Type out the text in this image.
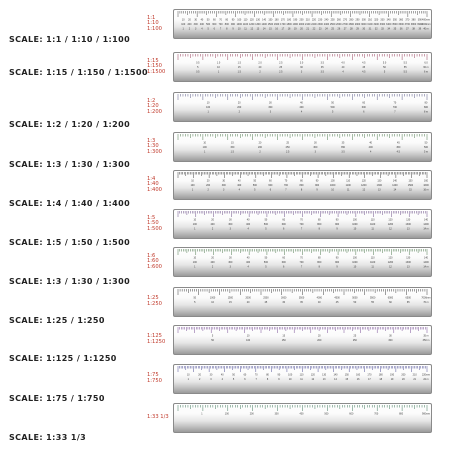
SCALE: 1:1 / 1:10 / 1:100
1:1
1:10
1:100
10 20 30 40 50 60 70 80 90 100 110 120 130 140 150 160 170 180 190 200 210 220 230 240 250 260 270 280 290 300 310 320 330 340 350 360 370 380 390 400mm
100 200 300 400 500 600 700 800 900 1000 1100 1200 1300 1400 1500 1600 1700 1800 1900 2000 2100 2200 2300 2400 2500 2600 2700 2800 2900 3000 3100 3200 3300 3400 3500 3600 3700 3800 3900
4000mm
1 2 3 4 5 6 7 8 9 10 11 12 13 14 15 16 17 18 19 20 21 22 23 24 25 26 27 28 29 30 31 32 33 34 35 36 37 38 39 40 m
SCALE: 1:15 / 1:150 / 1:1500
1:15
1:150
1:1500
0.5	1.0	1.5	2.0	2.5	3.0	3.5	4.0	4.5	5.0	5.5	6.0
5	10	15	20	25	30	35	40	45	50	55	60 m
0.5	1	1.5	2	2.5	3	3.5	4	4.5	5	5.5	6 m
SCALE: 1:2 / 1:20 / 1:200
1:2
1:20
1:200
10	20	30	40	50	60	70	80
100	200	300	400	500	600	700	800
1	2	3	4	5	6	7	8 m
SCALE: 1:3 / 1:30 / 1:300
1:3
1:30
1:300
10	15	20	25	30	35	40	45	50
100	150	200	250	300	350	400	450	500
1	1.5	2	2.5	3	3.5	4	4.5	5 m
SCALE: 1:4 / 1:40 / 1:400
1:4
1:40
1:400
10	20	30	40	50	60	70	80	90	100	110	120	130	140	150	160
100	200	300	400	500	600	700	800	900	1000	1100	1200	1300	1400	1500	1600
1	2	3	4	5	6	7	8	9	10	11	12	13	14	15	16 m
SCALE: 1:5 / 1:50 / 1:500
1:5
1:50
1:500
10	20	30	40	50	60	70	80	90	100	110	120	130	140
100	200	300	400	500	600	700	800	900	1000	1100	1200	1300	1400
1	2	3	4	5	6	7	8	9	10	11	12	13	14 m
SCALE: 1:3 / 1:30 / 1:300
1:6
1:60
1:600
10	20	30	40	50	60	70	80	90	100	110	120	130	140
100	200	300	400	500	600	700	800	900	1000	1100	1200	1300	1400
1	2	3	4	5	6	7	8	9	10	11	12	13	14 m
SCALE: 1:25 / 1:250
1:25
1:250
50	1000	1500	2000	2500	3000	3500	4000	4500	5000	5500	6000	6500	7000mm
5	10	15	20	25	30	35	40	45	50	55	60	65	70 m
SCALE: 1:125 / 1:1250
1:125
1:1250
5	10	15	20	25	30	35 m
50	100	150	200	250	300	350 m
SCALE: 1:75 / 1:750
1:75
1:750
10	20	30	40	50	60	70	80	90	100	110	120	130	140	150	160	170	180	190	200	210 220mm
1	2	3	4	5	6	7	8	9	10	11	12	13	14	15	16	17	18	19	20	21	22 m
SCALE: 1:33 1/3
1:33 1/3
1	100	200	300	400	500	600	700	800	900mm
